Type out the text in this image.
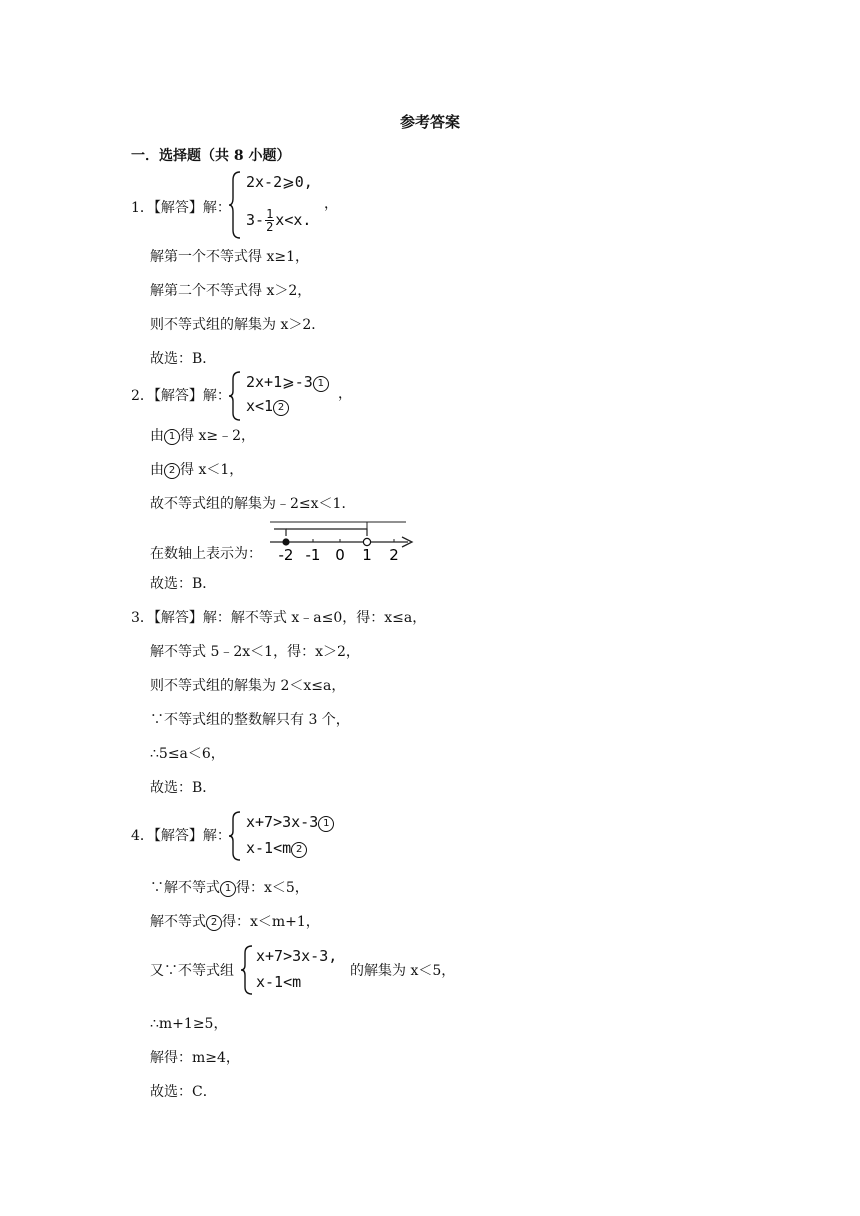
参考答案
一．选择题（共 8 小题）
1．【解答】解：
2x-2⩾0,
$3- \frac{1}{2} x<x$.
，
解第一个不等式得 x≥1，
解第二个不等式得 x＞2，
则不等式组的解集为 x＞2．
故选：B．
2．【解答】解：
2x+1⩾-3 1
x<1 2
，
由 1 得 x≥﹣2，
由 2 得 x＜1，
故不等式组的解集为﹣2≤x＜1．
在数轴上表示为： -2 -1 0 1 2
故选：B．
3．【解答】解：解不等式 x﹣a≤0，得：x≤a，
解不等式 5﹣2x＜1，得：x＞2，
则不等式组的解集为 2＜x≤a，
∵不等式组的整数解只有 3 个，
∴5≤a＜6，
故选：B．
4．【解答】解：
x+7>3x-3 1
x-1<m 2
∵解不等式 1 得：x＜5，
解不等式 2 得：x＜m+1，
又∵不等式组
x+7>3x-3,
x-1<m
的解集为 x＜5，
∴m+1≥5，
解得：m≥4，
故选：C．
